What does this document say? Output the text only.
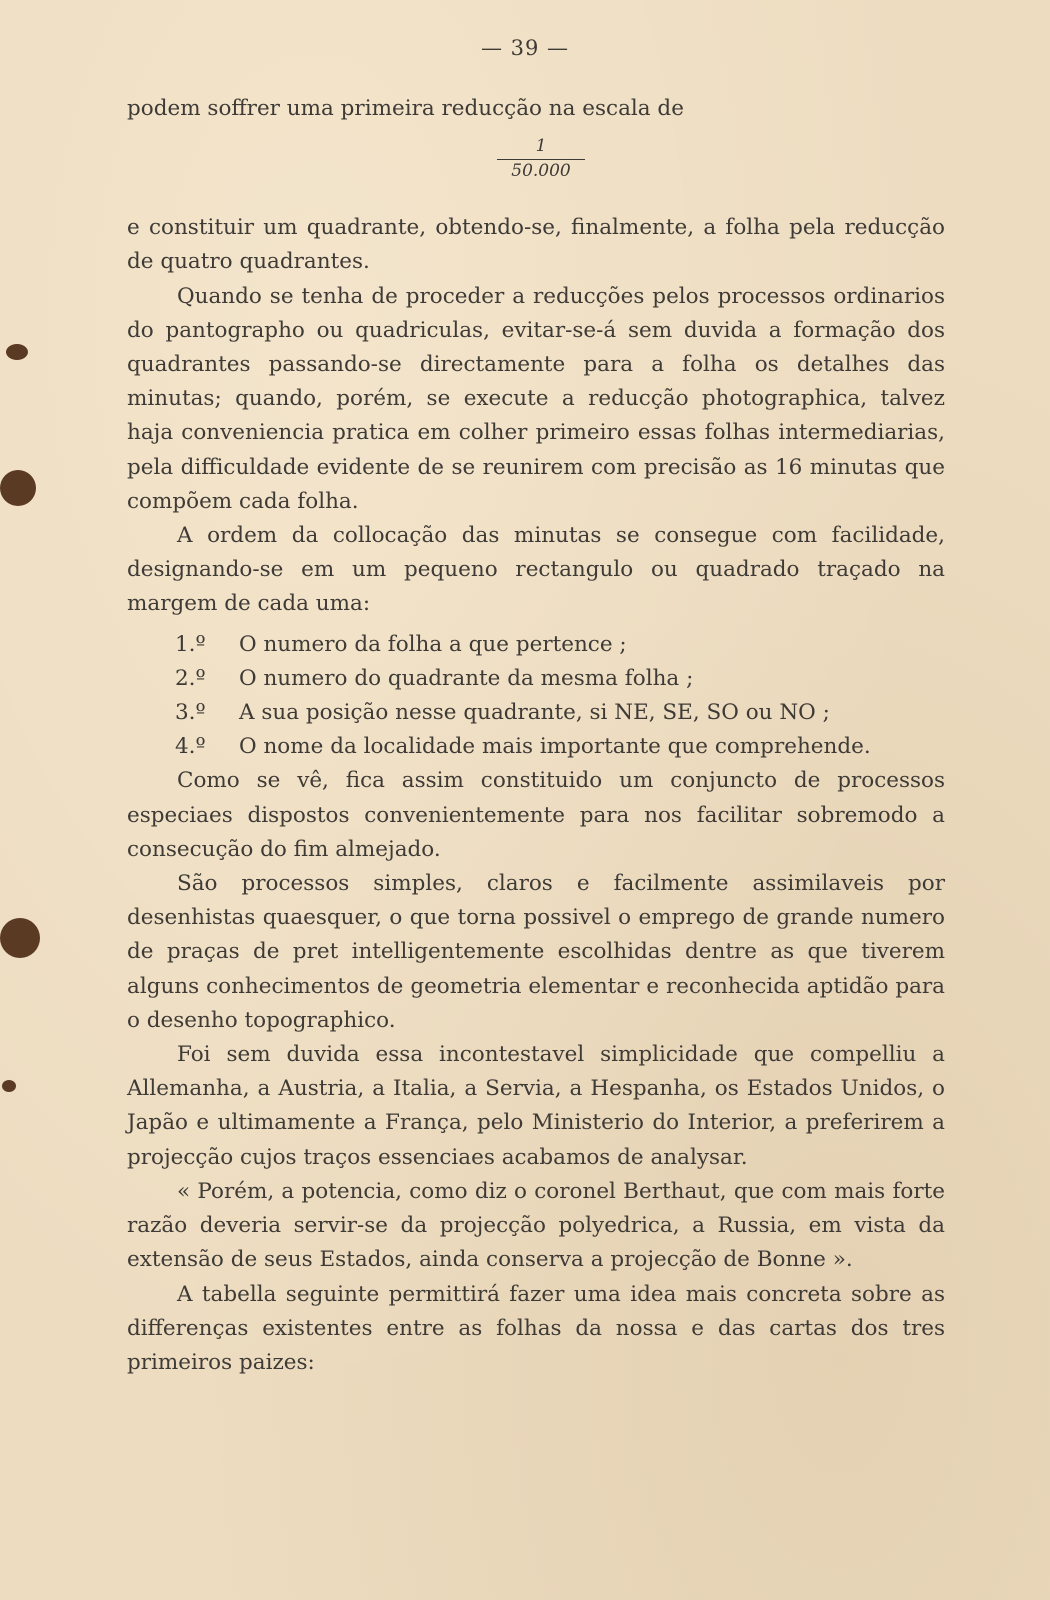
— 39 —

podem soffrer uma primeira reducção na escala de

1
50.000

e constituir um quadrante, obtendo-se, finalmente, a folha pela reducção de quatro quadrantes.

Quando se tenha de proceder a reducções pelos processos ordinarios do pantographo ou quadriculas, evitar-se-á sem duvida a formação dos quadrantes passando-se directamente para a folha os detalhes das minutas; quando, porém, se execute a reducção photographica, talvez haja conveniencia pratica em colher primeiro essas folhas intermediarias, pela difficuldade evidente de se reunirem com precisão as 16 minutas que compõem cada folha.

A ordem da collocação das minutas se consegue com facilidade, designando-se em um pequeno rectangulo ou quadrado traçado na margem de cada uma:

1.º	O numero da folha a que pertence ;
2.º	O numero do quadrante da mesma folha ;
3.º	A sua posição nesse quadrante, si NE, SE, SO ou NO ;
4.º	O nome da localidade mais importante que comprehende.

Como se vê, fica assim constituido um conjuncto de processos especiaes dispostos convenientemente para nos facilitar sobremodo a consecução do fim almejado.

São processos simples, claros e facilmente assimilaveis por desenhistas quaesquer, o que torna possivel o emprego de grande numero de praças de pret intelligentemente escolhidas dentre as que tiverem alguns conhecimentos de geometria elementar e reconhecida aptidão para o desenho topographico.

Foi sem duvida essa incontestavel simplicidade que compelliu a Allemanha, a Austria, a Italia, a Servia, a Hespanha, os Estados Unidos, o Japão e ultimamente a França, pelo Ministerio do Interior, a preferirem a projecção cujos traços essenciaes acabamos de analysar.

« Porém, a potencia, como diz o coronel Berthaut, que com mais forte razão deveria servir-se da projecção polyedrica, a Russia, em vista da extensão de seus Estados, ainda conserva a projecção de Bonne ».

A tabella seguinte permittirá fazer uma idea mais concreta sobre as differenças existentes entre as folhas da nossa e das cartas dos tres primeiros paizes:
